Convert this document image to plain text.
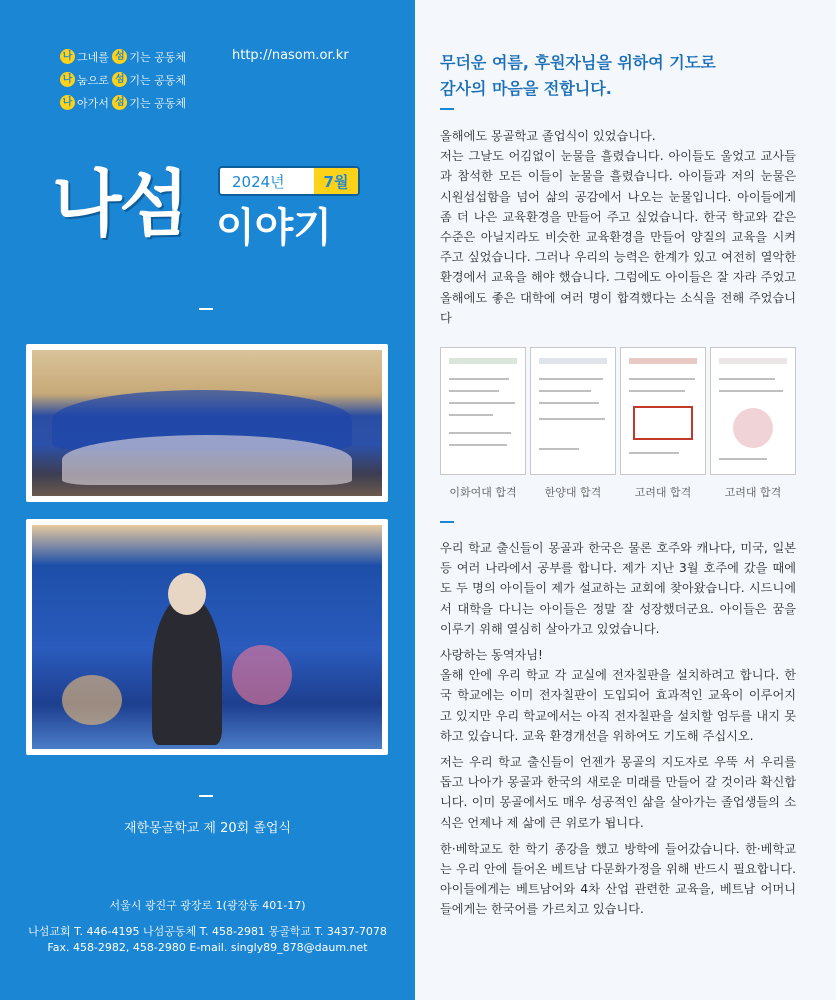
나 그네를
섬 기는 공동체
나 눔으로
섬 기는 공동체
나 아가서
섬 기는 공동체
http://nasom.or.kr
2024년	7월
나섬 이야기
재한몽골학교 제 20회 졸업식
서울시 광진구 광장로 1(광장동 401-17)
나섬교회 T. 446-4195 나섬공동체 T. 458-2981 몽골학교 T. 3437-7078
Fax. 458-2982, 458-2980 E-mail. singly89_878@daum.net
무더운 여름, 후원자님을 위하여 기도로
감사의 마음을 전합니다.
올해에도 몽골학교 졸업식이 있었습니다.
저는 그날도 어김없이 눈물을 흘렸습니다. 아이들도 울었고 교사들과 참석한 모든 이들이 눈물을 흘렸습니다. 아이들과 저의 눈물은 시원섭섭함을 넘어 삶의 공감에서 나오는 눈물입니다. 아이들에게 좀 더 나은 교육환경을 만들어 주고 싶었습니다. 한국 학교와 같은 수준은 아닐지라도 비슷한 교육환경을 만들어 양질의 교육을 시켜주고 싶었습니다. 그러나 우리의 능력은 한계가 있고 여전히 열악한 환경에서 교육을 해야 했습니다. 그럼에도 아이들은 잘 자라 주었고 올해에도 좋은 대학에 여러 명이 합격했다는 소식을 전해 주었습니다
이화여대 합격	한양대 합격	고려대 합격	고려대 합격

우리 학교 출신들이 몽골과 한국은 물론 호주와 캐나다, 미국, 일본 등 여러 나라에서 공부를 합니다. 제가 지난 3월 호주에 갔을 때에도 두 명의 아이들이 제가 설교하는 교회에 찾아왔습니다. 시드니에서 대학을 다니는 아이들은 정말 잘 성장했더군요. 아이들은 꿈을 이루기 위해 열심히 살아가고 있었습니다.

사랑하는 동역자님!
올해 안에 우리 학교 각 교실에 전자칠판을 설치하려고 합니다. 한국 학교에는 이미 전자칠판이 도입되어 효과적인 교육이 이루어지고 있지만 우리 학교에서는 아직 전자칠판을 설치할 엄두를 내지 못하고 있습니다. 교육 환경개선을 위하여도 기도해 주십시오.

저는 우리 학교 출신들이 언젠가 몽골의 지도자로 우뚝 서 우리를 돕고 나아가 몽골과 한국의 새로운 미래를 만들어 갈 것이라 확신합니다. 이미 몽골에서도 매우 성공적인 삶을 살아가는 졸업생들의 소식은 언제나 제 삶에 큰 위로가 됩니다.

한·베학교도 한 학기 종강을 했고 방학에 들어갔습니다. 한·베학교는 우리 안에 들어온 베트남 다문화가정을 위해 반드시 필요합니다. 아이들에게는 베트남어와 4차 산업 관련한 교육을, 베트남 어머니들에게는 한국어를 가르치고 있습니다.
